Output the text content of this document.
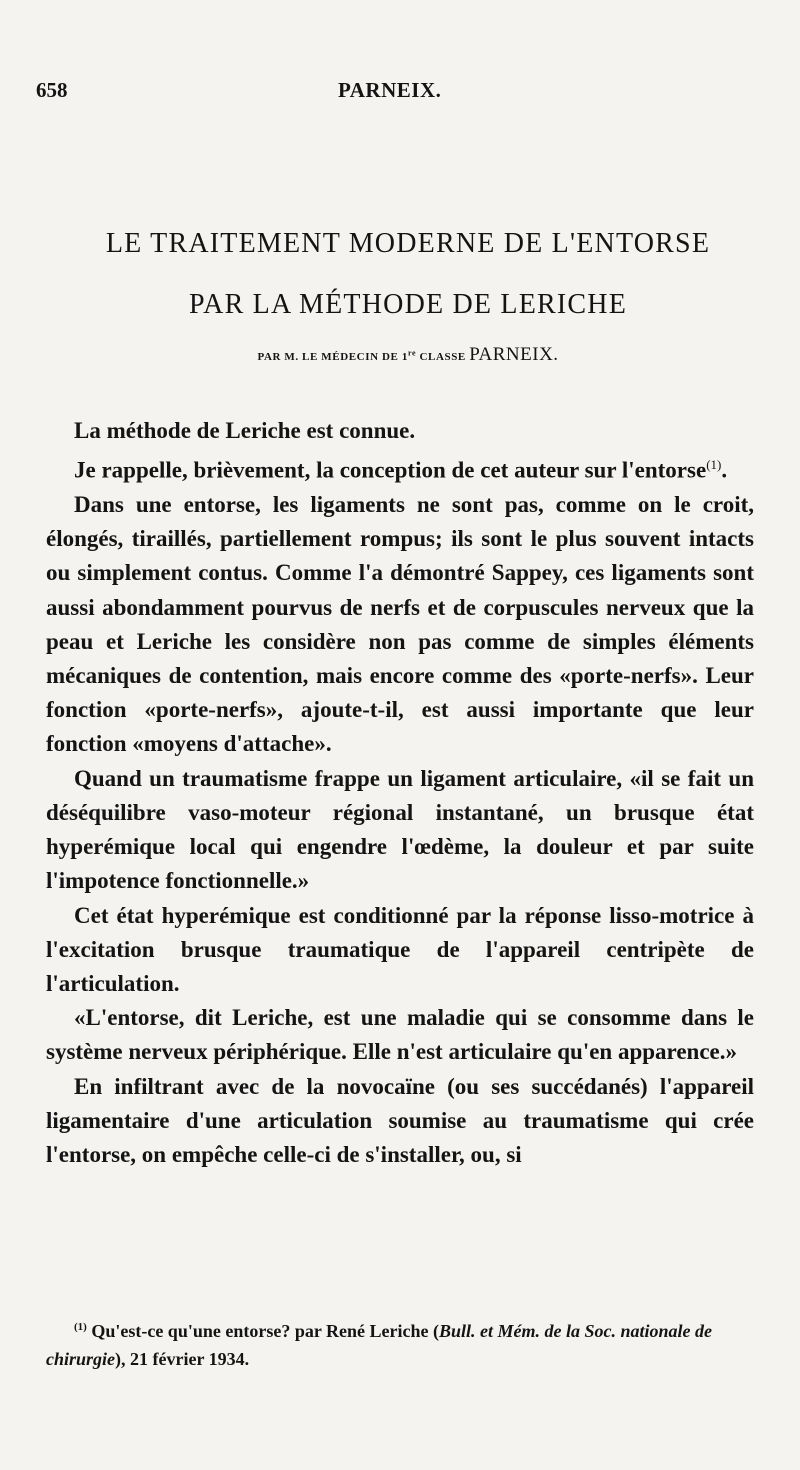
658	PARNEIX.
LE TRAITEMENT MODERNE DE L'ENTORSE
PAR LA MÉTHODE DE LERICHE
PAR M. LE MÉDECIN DE 1re CLASSE PARNEIX.

La méthode de Leriche est connue.

Je rappelle, brièvement, la conception de cet auteur sur l'entorse$^{(1)}$.

Dans une entorse, les ligaments ne sont pas, comme on le croit, élongés, tiraillés, partiellement rompus; ils sont le plus souvent intacts ou simplement contus. Comme l'a démontré Sappey, ces ligaments sont aussi abondamment pourvus de nerfs et de corpuscules nerveux que la peau et Leriche les considère non pas comme de simples éléments mécaniques de contention, mais encore comme des «porte-nerfs». Leur fonction «porte-nerfs», ajoute-t-il, est aussi importante que leur fonction «moyens d'attache».

Quand un traumatisme frappe un ligament articulaire, «il se fait un déséquilibre vaso-moteur régional instantané, un brusque état hyperémique local qui engendre l'œdème, la douleur et par suite l'impotence fonctionnelle.»

Cet état hyperémique est conditionné par la réponse lisso-motrice à l'excitation brusque traumatique de l'appareil centripète de l'articulation.

«L'entorse, dit Leriche, est une maladie qui se consomme dans le système nerveux périphérique. Elle n'est articulaire qu'en apparence.»

En infiltrant avec de la novocaïne (ou ses succédanés) l'appareil ligamentaire d'une articulation soumise au traumatisme qui crée l'entorse, on empêche celle-ci de s'installer, ou, si

$^{(1)}$ Qu'est-ce qu'une entorse? par René Leriche (Bull. et Mém. de la Soc. nationale de chirurgie), 21 février 1934.
